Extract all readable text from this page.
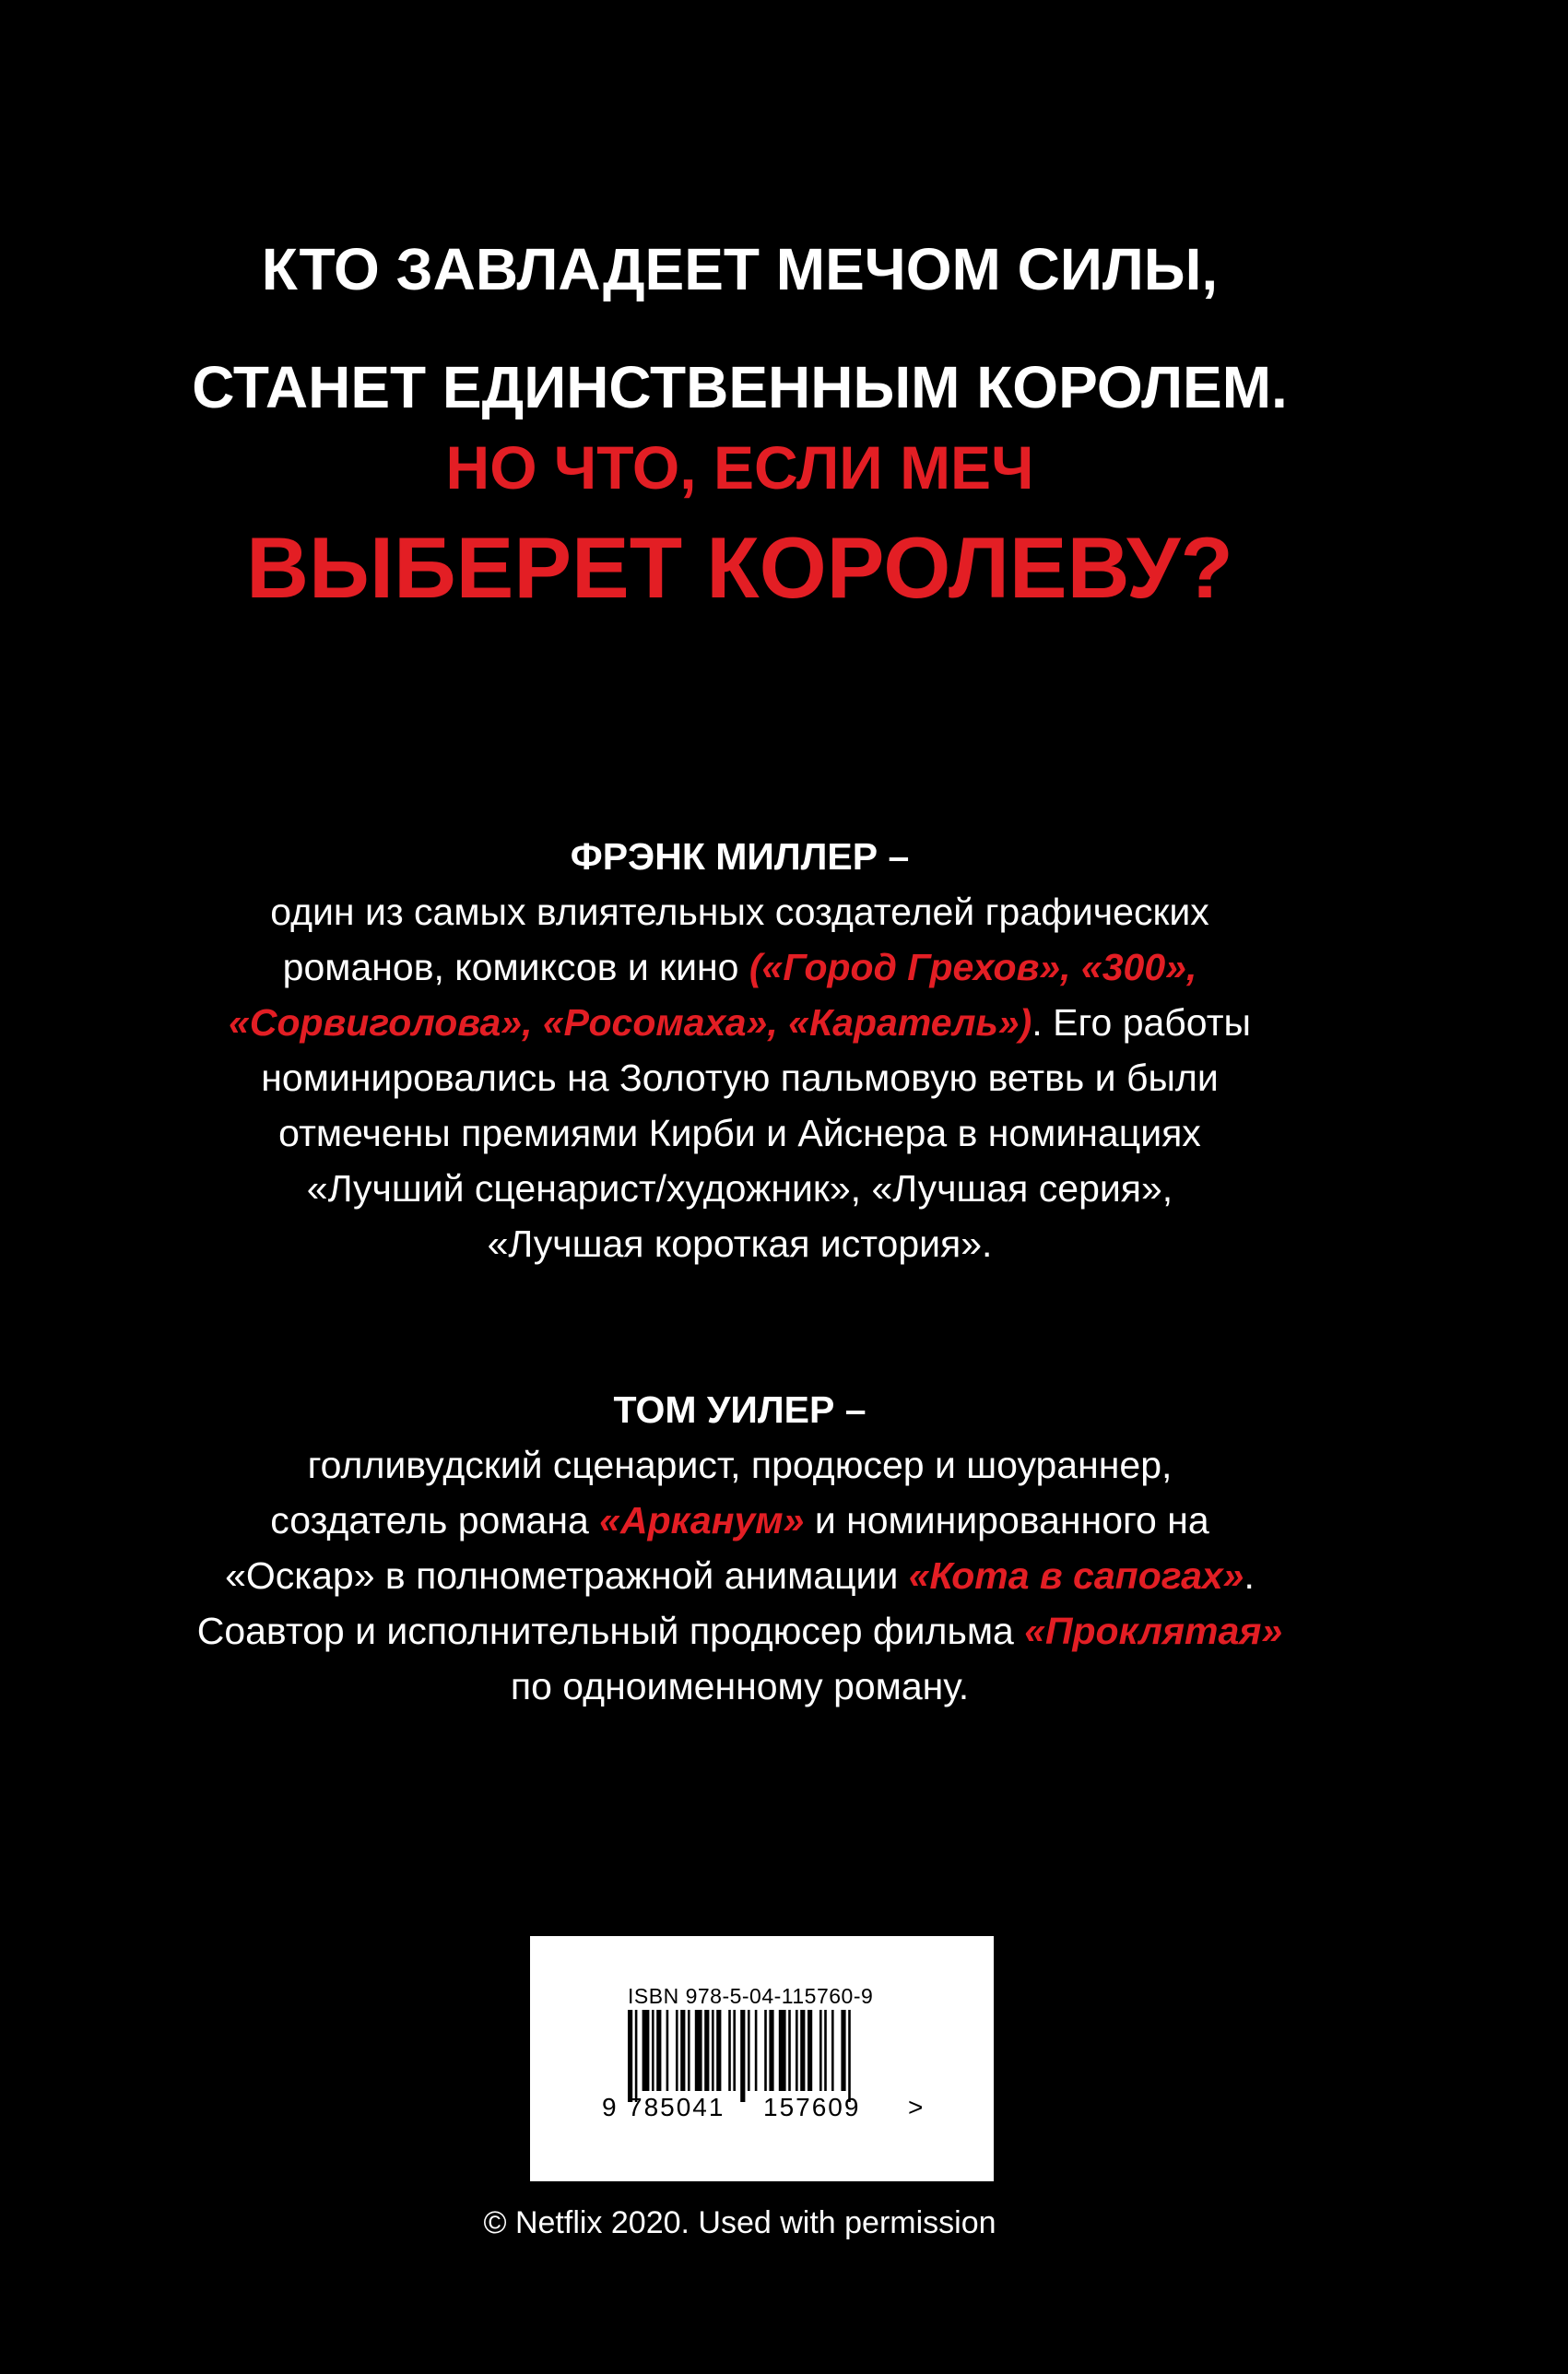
КТО ЗАВЛАДЕЕТ МЕЧОМ СИЛЫ,
СТАНЕТ ЕДИНСТВЕННЫМ КОРОЛЕМ.
НО ЧТО, ЕСЛИ МЕЧ
ВЫБЕРЕТ КОРОЛЕВУ?
ФРЭНК МИЛЛЕР –
один из самых влиятельных создателей графических
романов, комиксов и кино («Город Грехов», «300»,
«Сорвиголова», «Росомаха», «Каратель»). Его работы
номинировались на Золотую пальмовую ветвь и были
отмечены премиями Кирби и Айснера в номинациях
«Лучший сценарист/художник», «Лучшая серия»,
«Лучшая короткая история».
ТОМ УИЛЕР –
голливудский сценарист, продюсер и шоураннер,
создатель романа «Арканум» и номинированного на
«Оскар» в полнометражной анимации «Кота в сапогах».
Соавтор и исполнительный продюсер фильма «Проклятая»
по одноименному роману.
ISBN 978-5-04-115760-9
9 785041 157609 >
© Netflix 2020. Used with permission
